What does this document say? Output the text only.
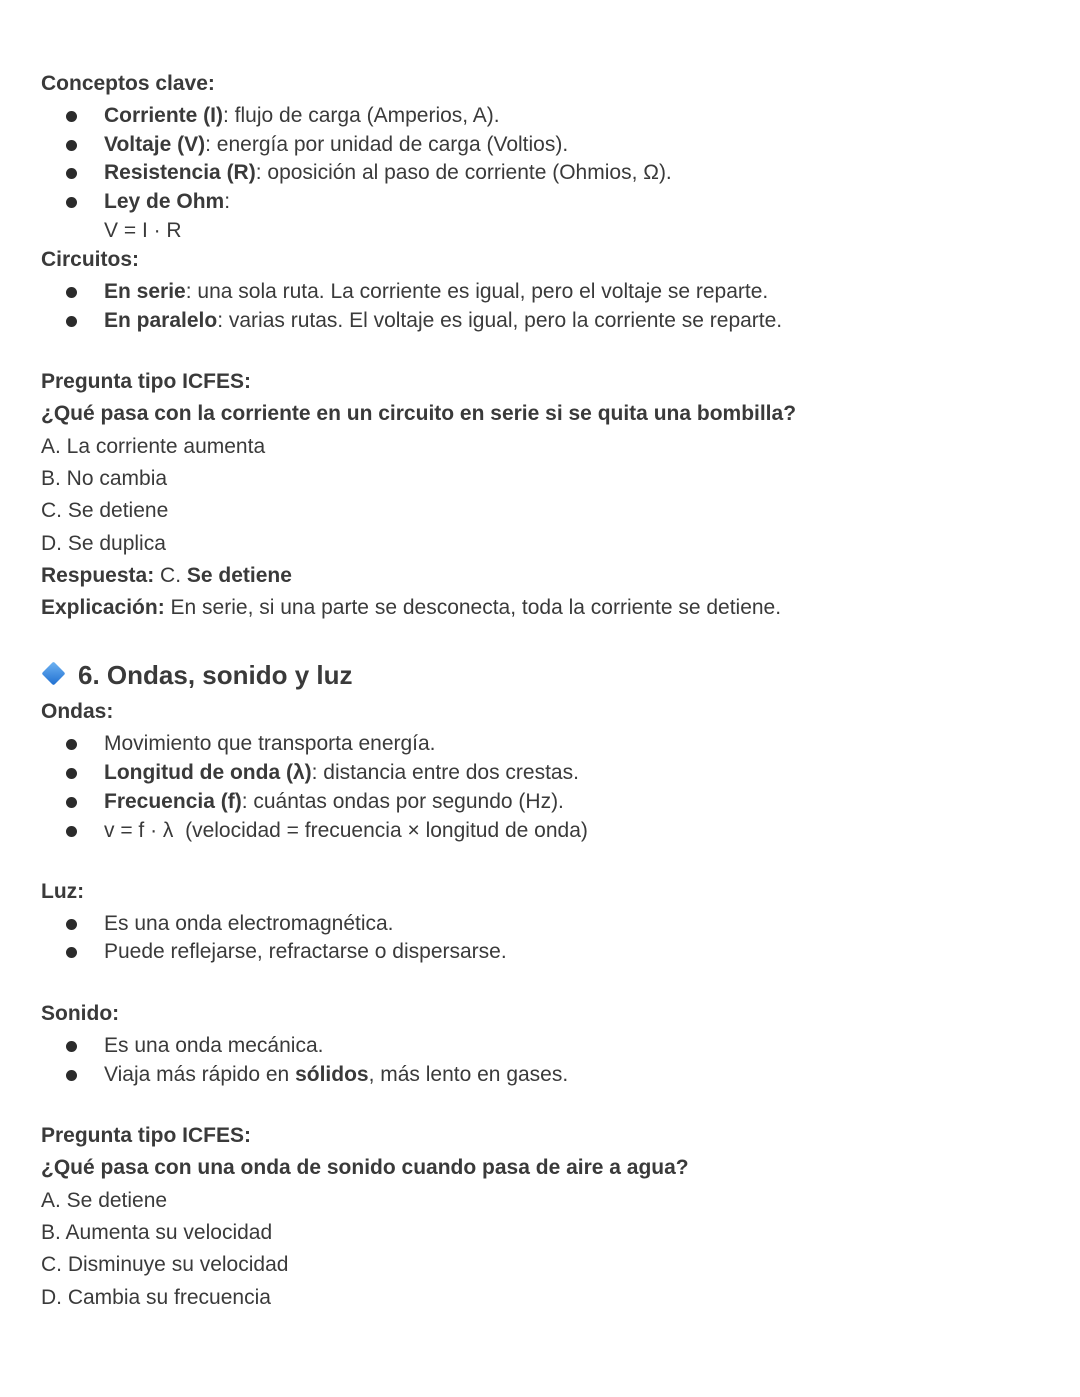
Conceptos clave:
Corriente (I): flujo de carga (Amperios, A).
Voltaje (V): energía por unidad de carga (Voltios).
Resistencia (R): oposición al paso de corriente (Ohmios, Ω).
Ley de Ohm:
V = I · R
Circuitos:
En serie: una sola ruta. La corriente es igual, pero el voltaje se reparte.
En paralelo: varias rutas. El voltaje es igual, pero la corriente se reparte.
Pregunta tipo ICFES:
¿Qué pasa con la corriente en un circuito en serie si se quita una bombilla?
A. La corriente aumenta
B. No cambia
C. Se detiene
D. Se duplica
Respuesta: C. Se detiene
Explicación: En serie, si una parte se desconecta, toda la corriente se detiene.
6. Ondas, sonido y luz
Ondas:
Movimiento que transporta energía.
Longitud de onda (λ): distancia entre dos crestas.
Frecuencia (f): cuántas ondas por segundo (Hz).
v = f · λ  (velocidad = frecuencia × longitud de onda)
Luz:
Es una onda electromagnética.
Puede reflejarse, refractarse o dispersarse.
Sonido:
Es una onda mecánica.
Viaja más rápido en sólidos, más lento en gases.
Pregunta tipo ICFES:
¿Qué pasa con una onda de sonido cuando pasa de aire a agua?
A. Se detiene
B. Aumenta su velocidad
C. Disminuye su velocidad
D. Cambia su frecuencia
